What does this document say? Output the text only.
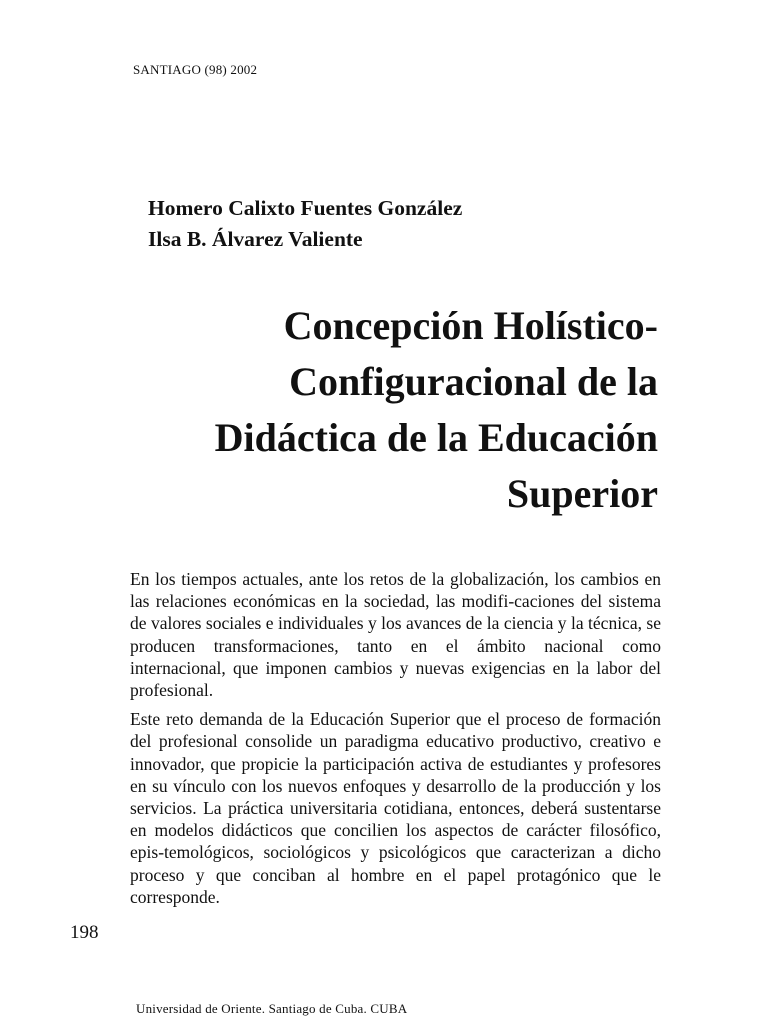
SANTIAGO (98) 2002
Homero Calixto Fuentes González
Ilsa B. Álvarez Valiente
Concepción Holístico-
Configuracional de la
Didáctica de la Educación
Superior

En los tiempos actuales, ante los retos de la globalización, los cambios en las relaciones económicas en la sociedad, las modifi-caciones del sistema de valores sociales e individuales y los avances de la ciencia y la técnica, se producen transformaciones, tanto en el ámbito nacional como internacional, que imponen cambios y nuevas exigencias en la labor del profesional.

Este reto demanda de la Educación Superior que el proceso de formación del profesional consolide un paradigma educativo productivo, creativo e innovador, que propicie la participación activa de estudiantes y profesores en su vínculo con los nuevos enfoques y desarrollo de la producción y los servicios. La práctica universitaria cotidiana, entonces, deberá sustentarse en modelos didácticos que concilien los aspectos de carácter filosófico, epis-temológicos, sociológicos y psicológicos que caracterizan a dicho proceso y que conciban al hombre en el papel protagónico que le corresponde.

198
Universidad de Oriente. Santiago de Cuba. CUBA
